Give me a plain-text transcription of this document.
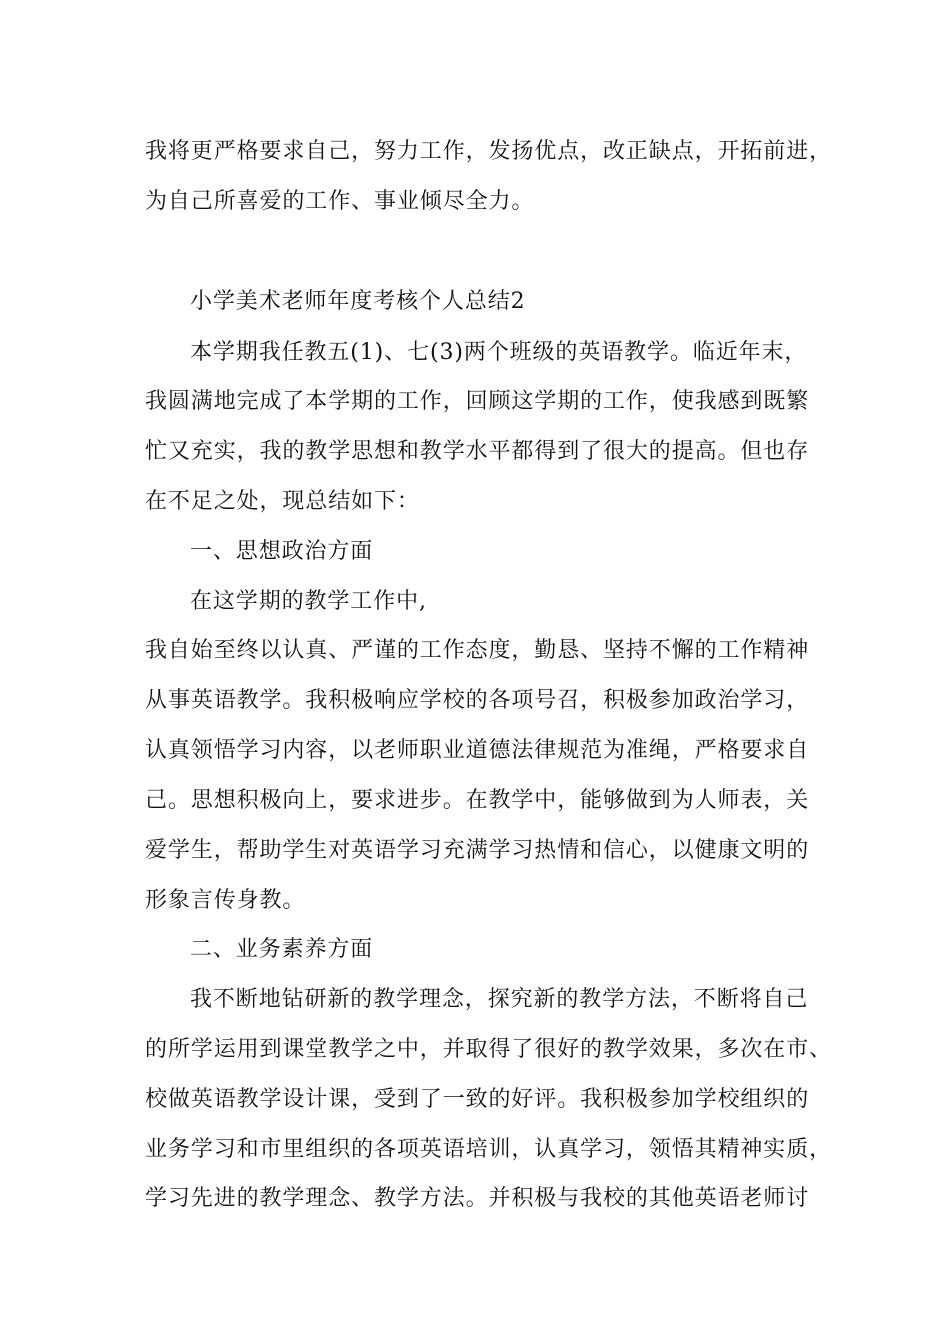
我将更严格要求自己，努力工作，发扬优点，改正缺点，开拓前进，
为自己所喜爱的工作、事业倾尽全力。
小学美术老师年度考核个人总结2
本学期我任教五(1)、七(3)两个班级的英语教学。临近年末，
我圆满地完成了本学期的工作，回顾这学期的工作，使我感到既繁
忙又充实，我的教学思想和教学水平都得到了很大的提高。但也存
在不足之处，现总结如下：
一、思想政治方面
在这学期的教学工作中,
我自始至终以认真、严谨的工作态度，勤恳、坚持不懈的工作精神
从事英语教学。我积极响应学校的各项号召，积极参加政治学习，
认真领悟学习内容，以老师职业道德法律规范为准绳，严格要求自
己。思想积极向上，要求进步。在教学中，能够做到为人师表，关
爱学生，帮助学生对英语学习充满学习热情和信心，以健康文明的
形象言传身教。
二、业务素养方面
我不断地钻研新的教学理念，探究新的教学方法，不断将自己
的所学运用到课堂教学之中，并取得了很好的教学效果，多次在市、
校做英语教学设计课，受到了一致的好评。我积极参加学校组织的
业务学习和市里组织的各项英语培训，认真学习，领悟其精神实质，
学习先进的教学理念、教学方法。并积极与我校的其他英语老师讨
